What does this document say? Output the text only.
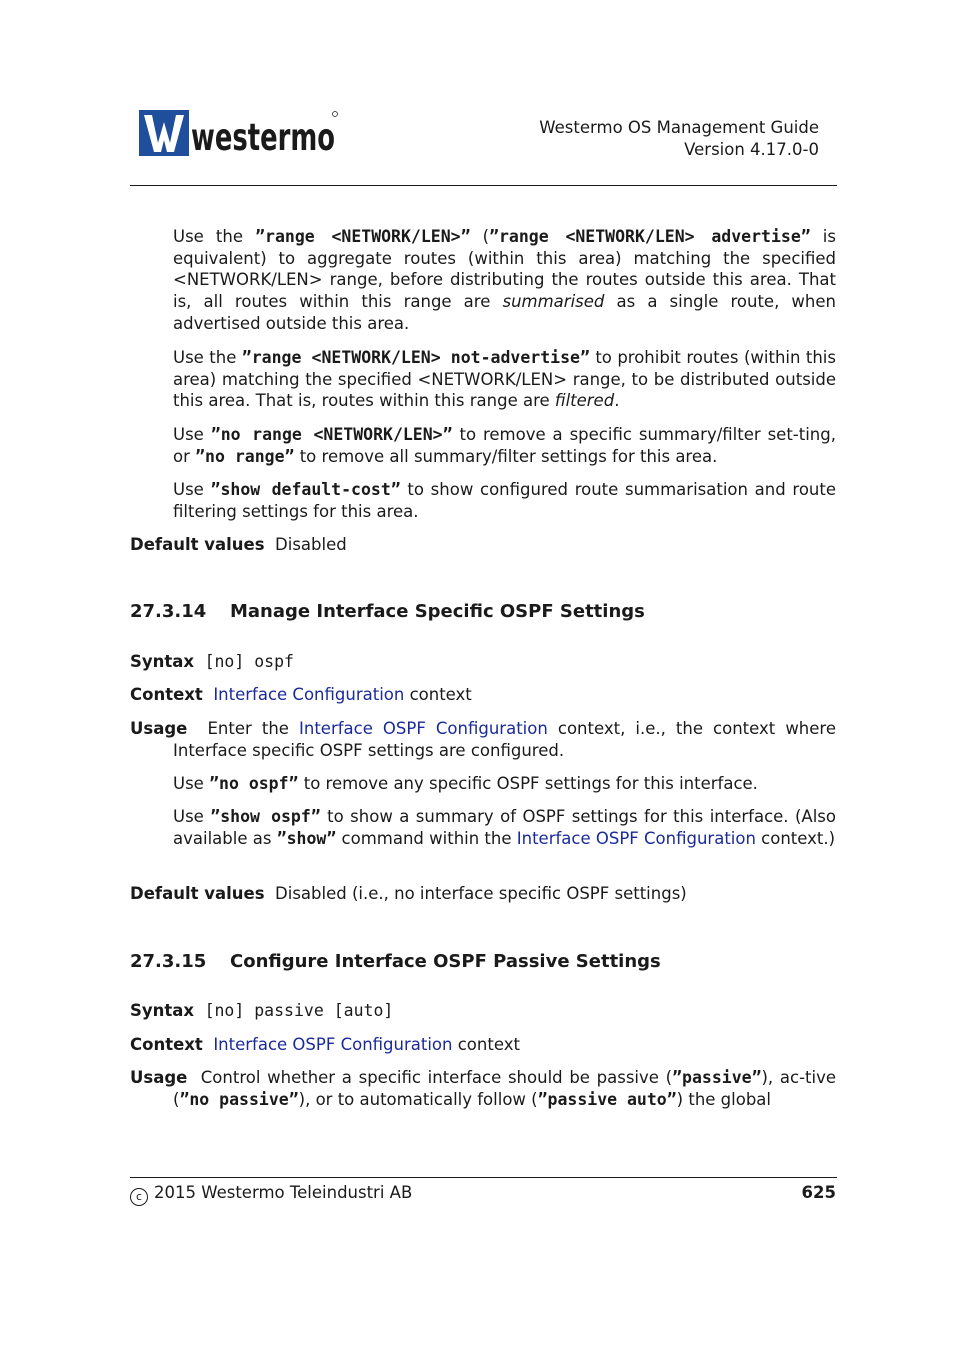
westermo	Westermo OS Management Guide
Version 4.17.0-0

Use the ”range <NETWORK/LEN>” (”range <NETWORK/LEN> advertise” is equivalent) to aggregate routes (within this area) matching the specified <NETWORK/LEN> range, before distributing the routes outside this area. That is, all routes within this range are summarised as a single route, when advertised outside this area.

Use the ”range <NETWORK/LEN> not-advertise” to prohibit routes (within this area) matching the specified <NETWORK/LEN> range, to be distributed outside this area. That is, routes within this range are filtered.

Use ”no range <NETWORK/LEN>” to remove a specific summary/filter set-ting, or ”no range” to remove all summary/filter settings for this area.

Use ”show default-cost” to show configured route summarisation and route filtering settings for this area.

Default values Disabled

27.3.14 Manage Interface Specific OSPF Settings

Syntax [no] ospf

Context Interface Configuration context

Usage Enter the Interface OSPF Configuration context, i.e., the context where Interface specific OSPF settings are configured.

Use ”no ospf” to remove any specific OSPF settings for this interface.

Use ”show ospf” to show a summary of OSPF settings for this interface. (Also available as ”show” command within the Interface OSPF Configuration context.)

Default values Disabled (i.e., no interface specific OSPF settings)

27.3.15 Configure Interface OSPF Passive Settings

Syntax [no] passive [auto]

Context Interface OSPF Configuration context

Usage Control whether a specific interface should be passive (”passive”), ac-tive (”no passive”), or to automatically follow (”passive auto”) the global

c 2015 Westermo Teleindustri AB	625
